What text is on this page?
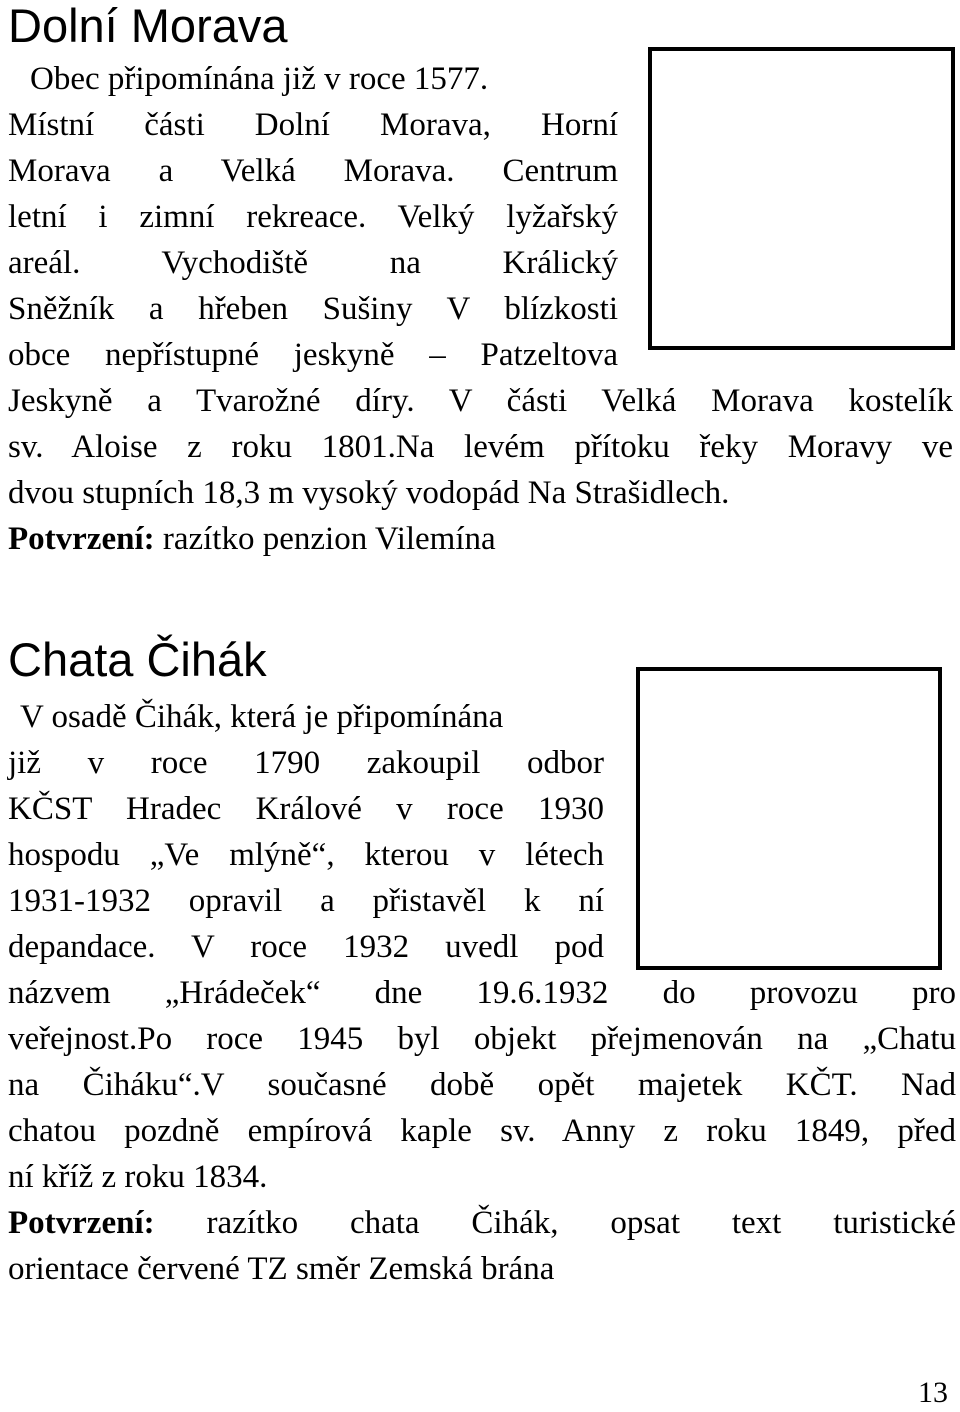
Dolní Morava
Obec připomínána již v roce 1577.
Místní části Dolní Morava, Horní
Morava a Velká Morava. Centrum
letní i zimní rekreace. Velký lyžařský
areál. Vychodiště na Králický
Sněžník a hřeben Sušiny V blízkosti
obce nepřístupné jeskyně – Patzeltova
Jeskyně a Tvarožné díry. V části Velká Morava kostelík
sv. Aloise z roku 1801.Na levém přítoku řeky Moravy ve
dvou stupních 18,3 m vysoký vodopád Na Strašidlech.
Potvrzení: razítko penzion Vilemína
Chata Čihák
V osadě Čihák, která je připomínána
již v roce 1790 zakoupil odbor
KČST Hradec Králové v roce 1930
hospodu „Ve mlýně“, kterou v létech
1931-1932 opravil a přistavěl k ní
depandace. V roce 1932 uvedl pod
názvem „Hrádeček“ dne 19.6.1932 do provozu pro
veřejnost.Po roce 1945 byl objekt přejmenován na „Chatu
na Čiháku“.V současné době opět majetek KČT. Nad
chatou pozdně empírová kaple sv. Anny z roku 1849, před
ní kříž z roku 1834.
Potvrzení: razítko chata Čihák, opsat text turistické
orientace červené TZ směr Zemská brána
13
